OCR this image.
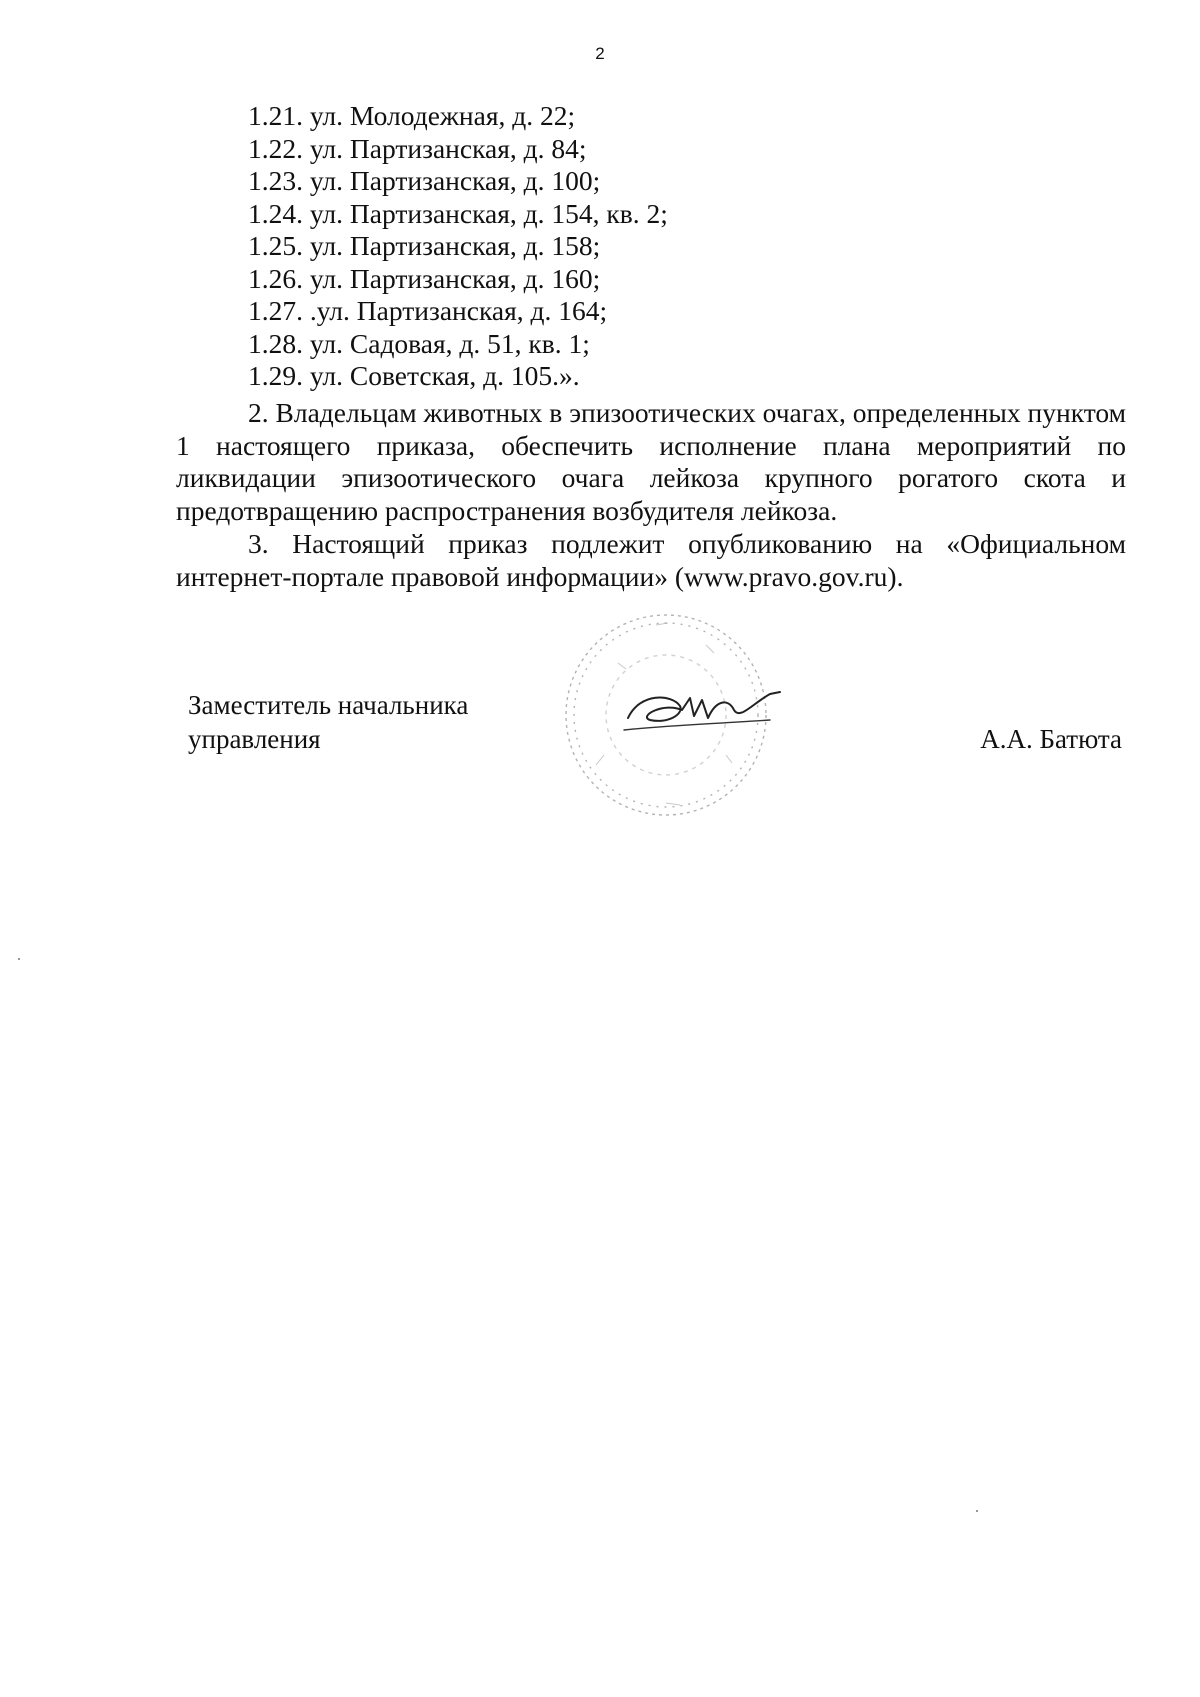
2
1.21. ул. Молодежная, д. 22;
1.22. ул. Партизанская, д. 84;
1.23. ул. Партизанская, д. 100;
1.24. ул. Партизанская, д. 154, кв. 2;
1.25. ул. Партизанская, д. 158;
1.26. ул. Партизанская, д. 160;
1.27. .ул. Партизанская, д. 164;
1.28. ул. Садовая, д. 51, кв. 1;
1.29. ул. Советская, д. 105.».

2. Владельцам животных в эпизоотических очагах, определенных пунктом 1 настоящего приказа, обеспечить исполнение плана мероприятий по ликвидации эпизоотического очага лейкоза крупного рогатого скота и предотвращению распространения возбудителя лейкоза.

3. Настоящий приказ подлежит опубликованию на «Официальном интернет-портале правовой информации» (www.pravo.gov.ru).

Заместитель начальника
управления	А.А. Батюта
